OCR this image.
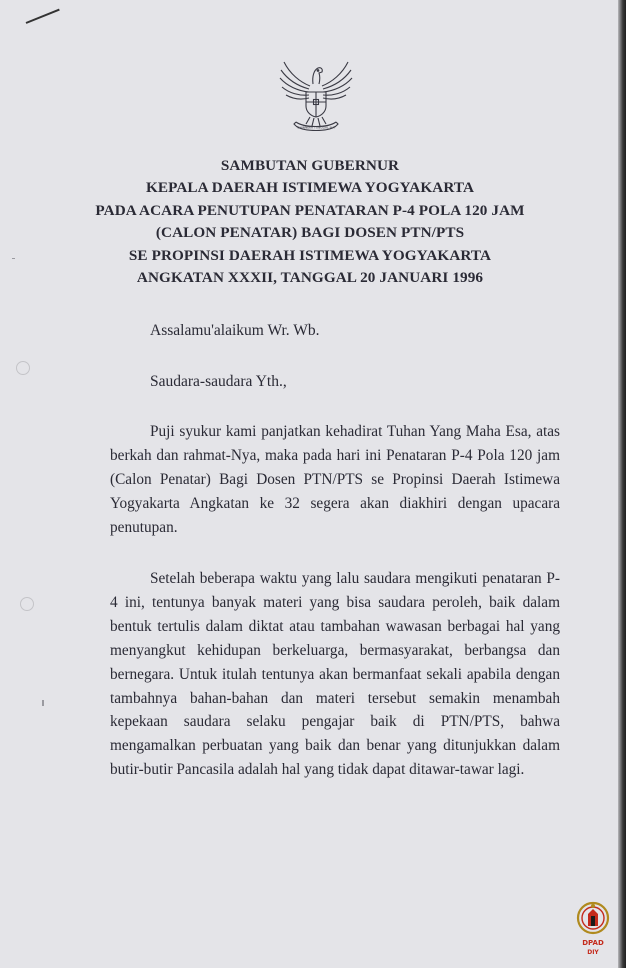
BHINNEKA TUNGGAL IKA
SAMBUTAN GUBERNUR
KEPALA DAERAH ISTIMEWA YOGYAKARTA
PADA ACARA PENUTUPAN PENATARAN P-4 POLA 120 JAM
(CALON PENATAR) BAGI DOSEN PTN/PTS
SE PROPINSI DAERAH ISTIMEWA YOGYAKARTA
ANGKATAN XXXII, TANGGAL 20 JANUARI 1996
Assalamu'alaikum Wr. Wb.
Saudara-saudara Yth.,
Puji syukur kami panjatkan kehadirat Tuhan Yang Maha Esa, atas berkah dan rahmat-Nya, maka pada hari ini Penataran P-4 Pola 120 jam (Calon Penatar) Bagi Dosen PTN/PTS se Propinsi Daerah Istimewa Yogyakarta Angkatan ke 32 segera akan diakhiri dengan upacara penutupan.
Setelah beberapa waktu yang lalu saudara mengikuti penataran P-4 ini, tentunya banyak materi yang bisa saudara peroleh, baik dalam bentuk tertulis dalam diktat atau tambahan wawasan berbagai hal yang menyangkut kehidupan berkeluarga, bermasyarakat, berbangsa dan bernegara. Untuk itulah tentunya akan bermanfaat sekali apabila dengan tambahnya bahan-bahan dan materi tersebut semakin menambah kepekaan saudara selaku pengajar baik di PTN/PTS, bahwa mengamalkan perbuatan yang baik dan benar yang ditunjukkan dalam butir-butir Pancasila adalah hal yang tidak dapat ditawar-tawar lagi.
DPAD
DIY
